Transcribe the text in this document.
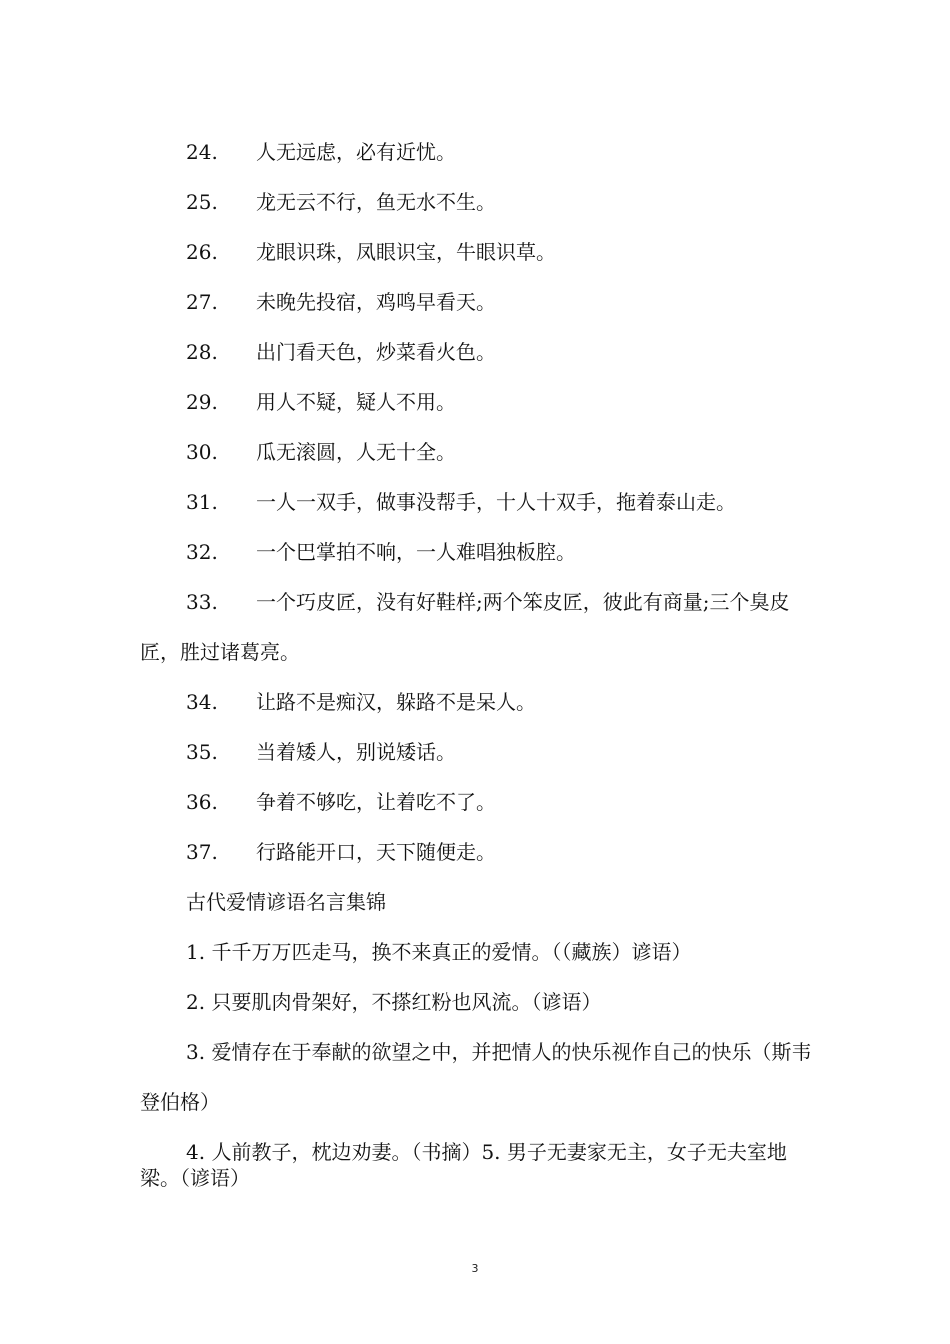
24. 人无远虑，必有近忧。

25. 龙无云不行，鱼无水不生。

26. 龙眼识珠，凤眼识宝，牛眼识草。

27. 未晚先投宿，鸡鸣早看天。

28. 出门看天色，炒菜看火色。

29. 用人不疑，疑人不用。

30. 瓜无滚圆，人无十全。

31. 一人一双手，做事没帮手，十人十双手，拖着泰山走。

32. 一个巴掌拍不响，一人难唱独板腔。

33. 一个巧皮匠，没有好鞋样;两个笨皮匠，彼此有商量;三个臭皮匠，胜过诸葛亮。

34. 让路不是痴汉，躲路不是呆人。

35. 当着矮人，别说矮话。

36. 争着不够吃，让着吃不了。

37. 行路能开口，天下随便走。

古代爱情谚语名言集锦

1. 千千万万匹走马，换不来真正的爱情。（（藏族）谚语）

2. 只要肌肉骨架好，不搽红粉也风流。（谚语）

3. 爱情存在于奉献的欲望之中，并把情人的快乐视作自己的快乐（斯韦登伯格）

4. 人前教子，枕边劝妻。（书摘）5. 男子无妻家无主，女子无夫室地梁。（谚语）

3
